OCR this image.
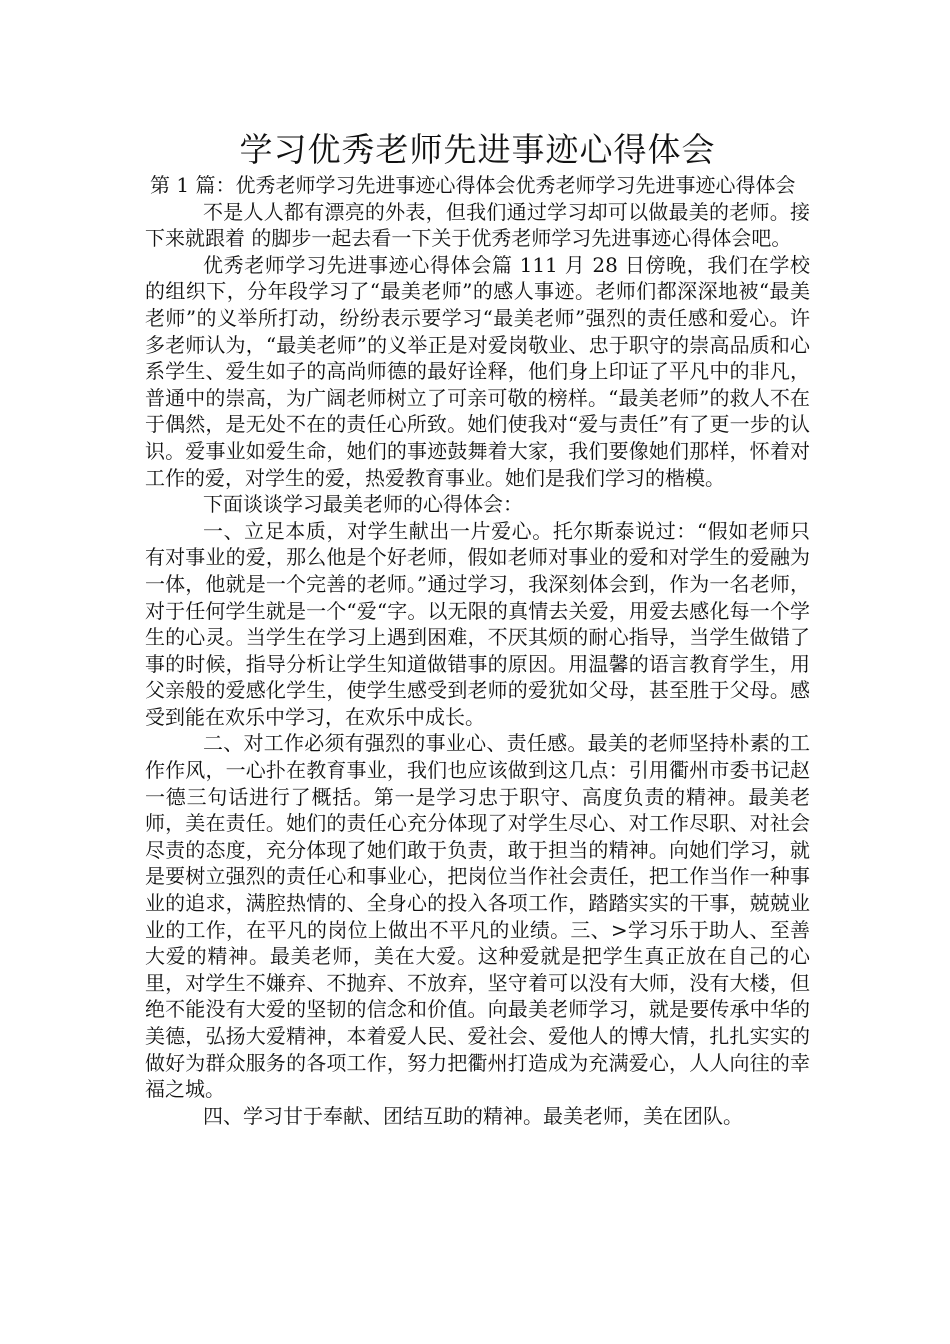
学习优秀老师先进事迹心得体会

第 1 篇：优秀老师学习先进事迹心得体会优秀老师学习先进事迹心得体会

不是人人都有漂亮的外表，但我们通过学习却可以做最美的老师。接下来就跟着 的脚步一起去看一下关于优秀老师学习先进事迹心得体会吧。

优秀老师学习先进事迹心得体会篇 111 月 28 日傍晚，我们在学校的组织下，分年段学习了“最美老师”的感人事迹。老师们都深深地被“最美老师”的义举所打动，纷纷表示要学习“最美老师”强烈的责任感和爱心。许多老师认为，“最美老师”的义举正是对爱岗敬业、忠于职守的崇高品质和心系学生、爱生如子的高尚师德的最好诠释，他们身上印证了平凡中的非凡，普通中的崇高，为广阔老师树立了可亲可敬的榜样。“最美老师”的救人不在于偶然，是无处不在的责任心所致。她们使我对“爱与责任”有了更一步的认识。爱事业如爱生命，她们的事迹鼓舞着大家，我们要像她们那样，怀着对工作的爱，对学生的爱，热爱教育事业。她们是我们学习的楷模。

下面谈谈学习最美老师的心得体会：

一、立足本质，对学生献出一片爱心。托尔斯泰说过：“假如老师只有对事业的爱，那么他是个好老师，假如老师对事业的爱和对学生的爱融为一体，他就是一个完善的老师。”通过学习，我深刻体会到，作为一名老师，对于任何学生就是一个“爱“字。以无限的真情去关爱，用爱去感化每一个学生的心灵。当学生在学习上遇到困难，不厌其烦的耐心指导，当学生做错了事的时候，指导分析让学生知道做错事的原因。用温馨的语言教育学生，用父亲般的爱感化学生，使学生感受到老师的爱犹如父母，甚至胜于父母。感受到能在欢乐中学习，在欢乐中成长。

二、对工作必须有强烈的事业心、责任感。最美的老师坚持朴素的工作作风，一心扑在教育事业，我们也应该做到这几点：引用衢州市委书记赵一德三句话进行了概括。第一是学习忠于职守、高度负责的精神。最美老师，美在责任。她们的责任心充分体现了对学生尽心、对工作尽职、对社会尽责的态度，充分体现了她们敢于负责，敢于担当的精神。向她们学习，就是要树立强烈的责任心和事业心，把岗位当作社会责任，把工作当作一种事业的追求，满腔热情的、全身心的投入各项工作，踏踏实实的干事，兢兢业业的工作，在平凡的岗位上做出不平凡的业绩。三、>学习乐于助人、至善大爱的精神。最美老师，美在大爱。这种爱就是把学生真正放在自己的心里，对学生不嫌弃、不抛弃、不放弃，坚守着可以没有大师，没有大楼，但绝不能没有大爱的坚韧的信念和价值。向最美老师学习，就是要传承中华的美德，弘扬大爱精神，本着爱人民、爱社会、爱他人的博大情，扎扎实实的做好为群众服务的各项工作，努力把衢州打造成为充满爱心，人人向往的幸福之城。

四、学习甘于奉献、团结互助的精神。最美老师，美在团队。
